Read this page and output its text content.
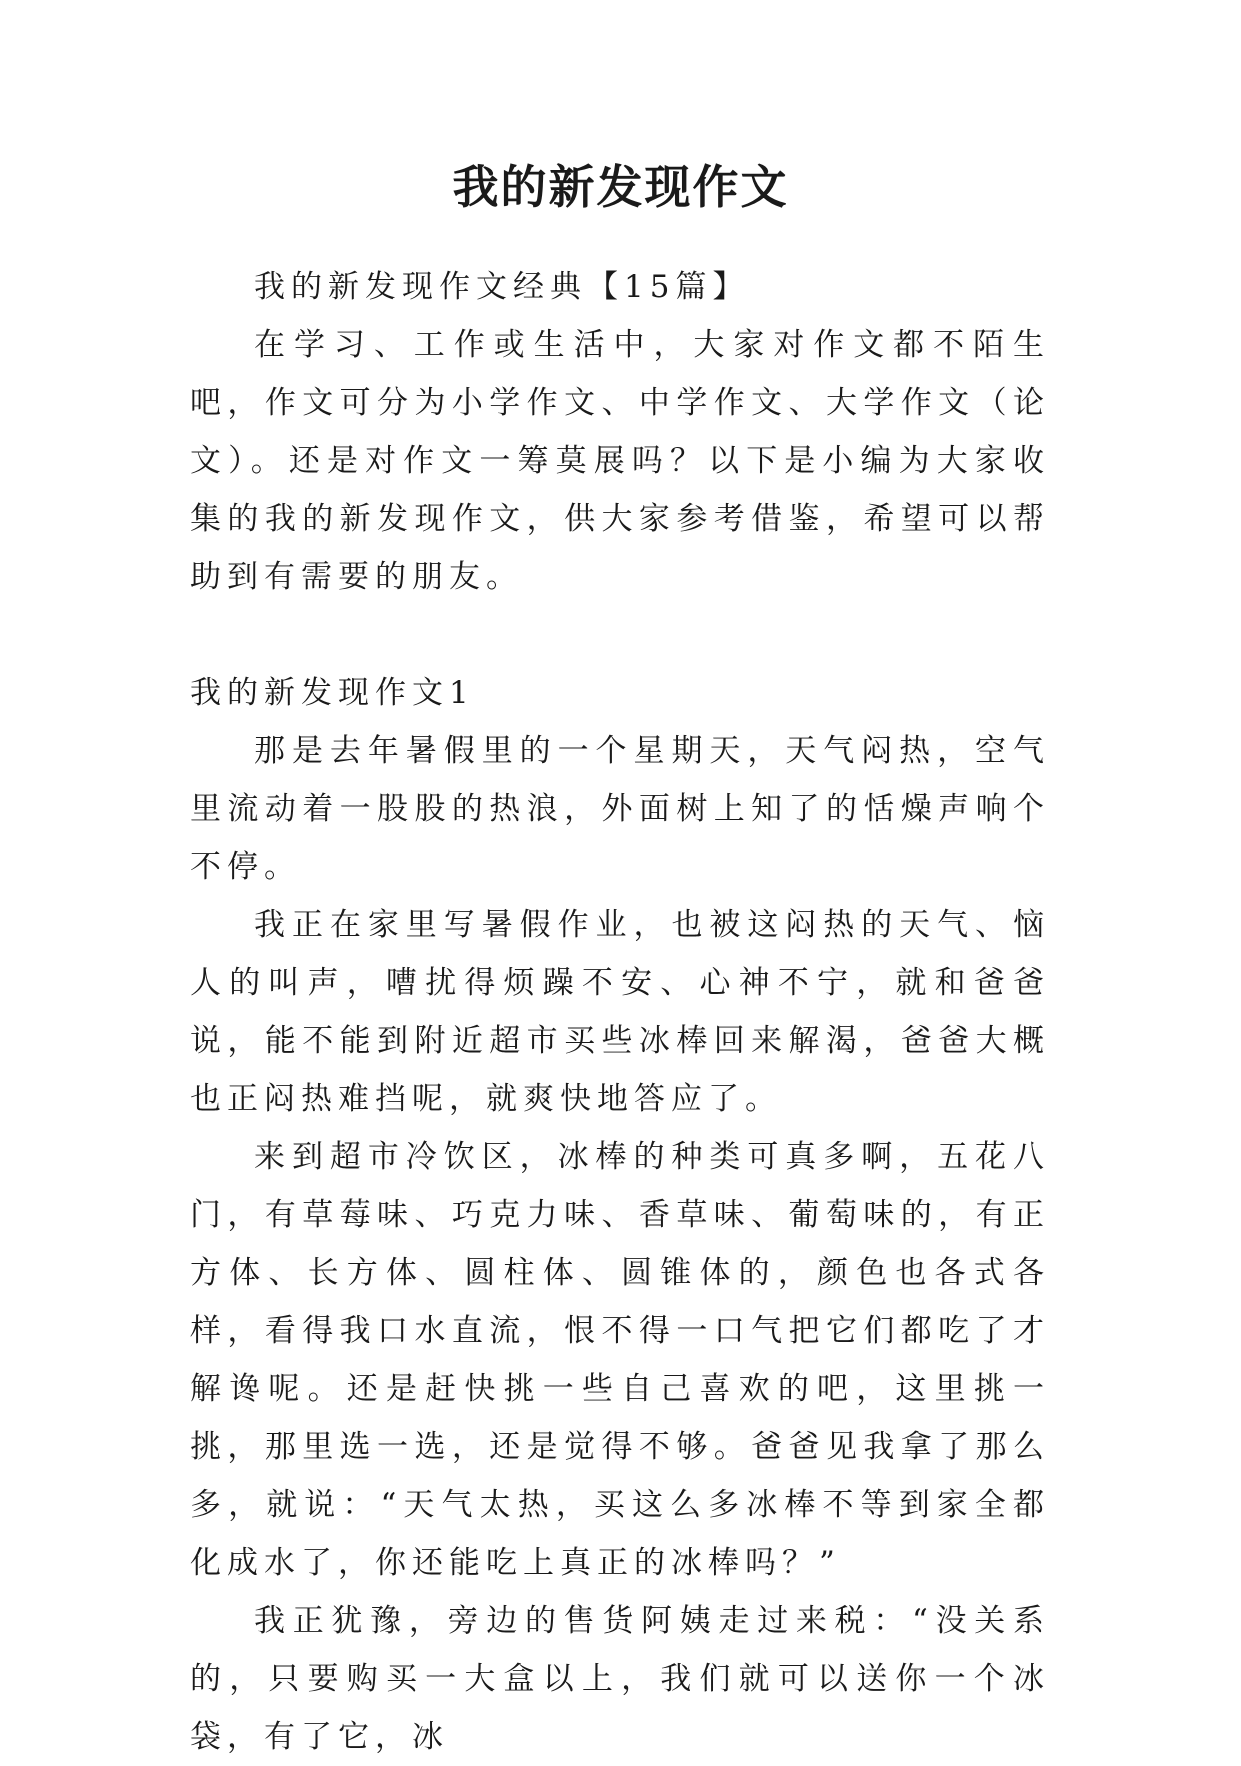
我的新发现作文

我的新发现作文经典【15篇】

在学习、工作或生活中，大家对作文都不陌生吧，作文可分为小学作文、中学作文、大学作文（论文）。还是对作文一筹莫展吗？以下是小编为大家收集的我的新发现作文，供大家参考借鉴，希望可以帮助到有需要的朋友。

我的新发现作文1

那是去年暑假里的一个星期天，天气闷热，空气里流动着一股股的热浪，外面树上知了的恬燥声响个不停。

我正在家里写暑假作业，也被这闷热的天气、恼人的叫声，嘈扰得烦躁不安、心神不宁，就和爸爸说，能不能到附近超市买些冰棒回来解渴，爸爸大概也正闷热难挡呢，就爽快地答应了。

来到超市冷饮区，冰棒的种类可真多啊，五花八门，有草莓味、巧克力味、香草味、葡萄味的，有正方体、长方体、圆柱体、圆锥体的，颜色也各式各样，看得我口水直流，恨不得一口气把它们都吃了才解谗呢。还是赶快挑一些自己喜欢的吧，这里挑一挑，那里选一选，还是觉得不够。爸爸见我拿了那么多，就说：“天气太热，买这么多冰棒不等到家全都化成水了，你还能吃上真正的冰棒吗？”

我正犹豫，旁边的售货阿姨走过来税：“没关系的，只要购买一大盒以上，我们就可以送你一个冰袋，有了它，冰
